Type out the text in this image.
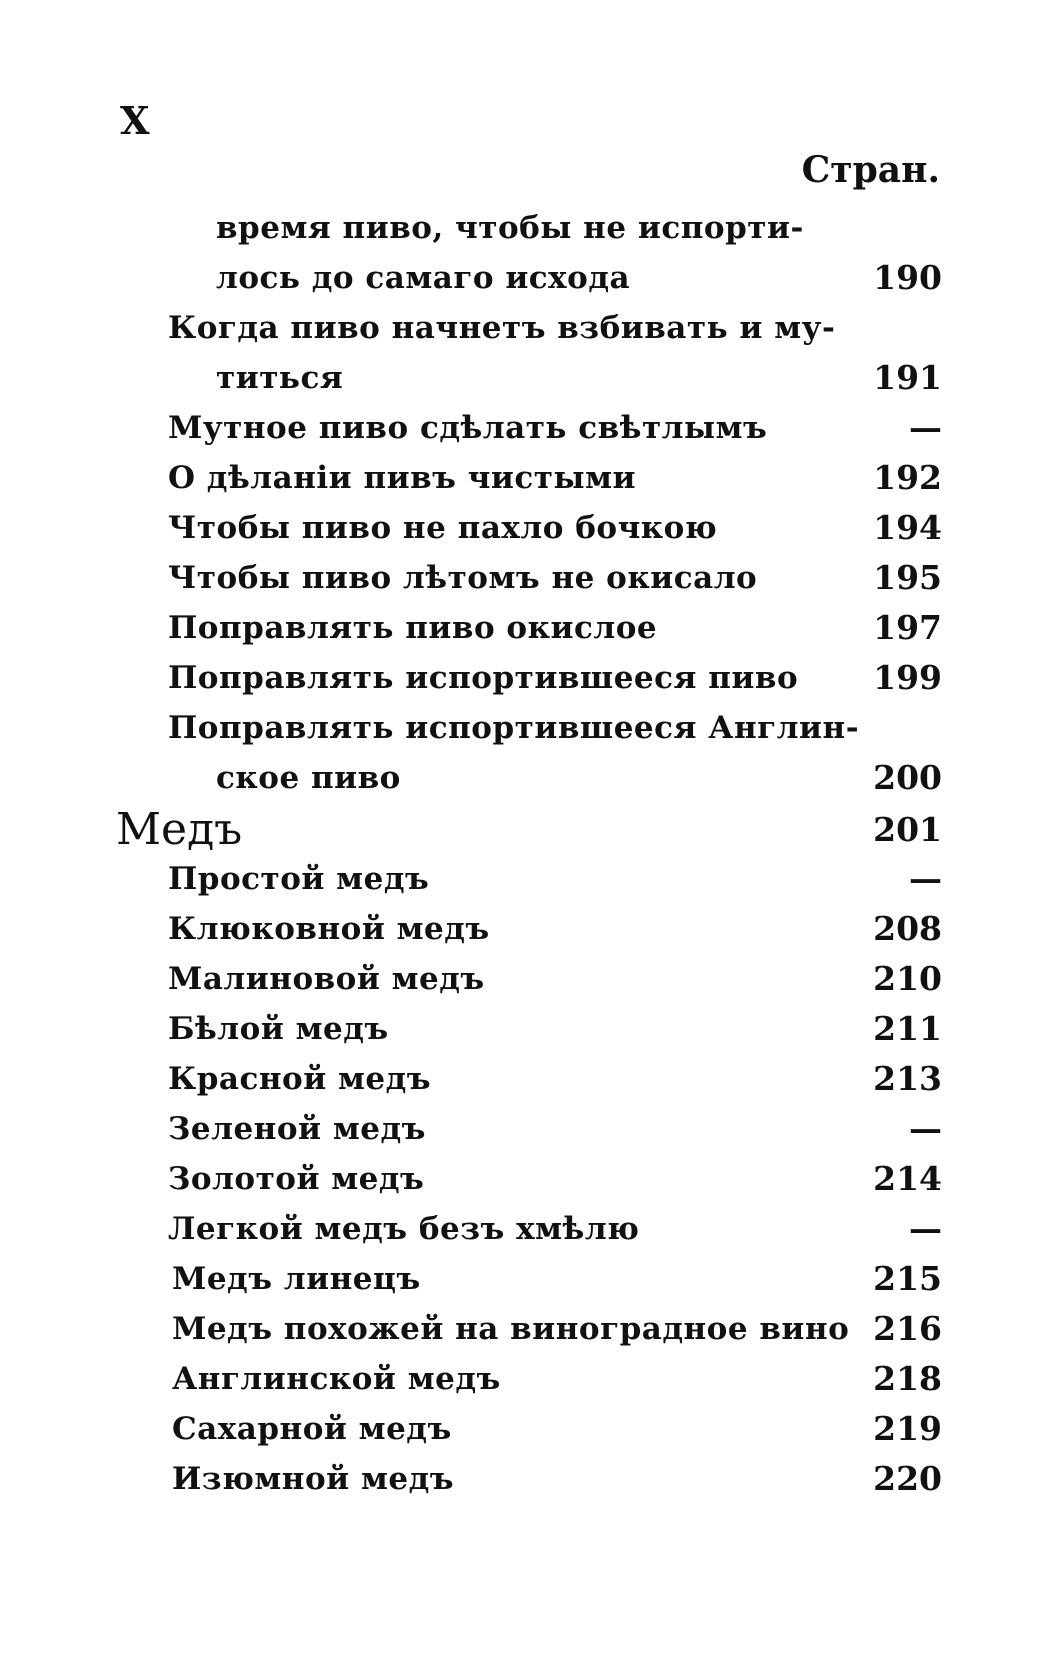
X
Стран.
время пиво, чтобы не испорти-
лось до самаго исхода	190
Когда пиво начнетъ взбивать и му-
титься	191
Мутное пиво сдѣлать свѣтлымъ	—
О дѣланіи пивъ чистыми	192
Чтобы пиво не пахло бочкою	194
Чтобы пиво лѣтомъ не окисало	195
Поправлять пиво окислое	197
Поправлять испортившееся пиво 199
Поправлять испортившееся Англин-
ское пиво	200
Медъ	201
Простой медъ	—
Клюковной медъ	208
Малиновой медъ	210
Бѣлой медъ	211
Красной медъ	213
Зеленой медъ	—
Золотой медъ	214
Легкой медъ безъ хмѣлю	—
Медъ линецъ	215
Медъ похожей на виноградное вино 216
Англинской медъ	218
Сахарной медъ	219
Изюмной медъ	220
